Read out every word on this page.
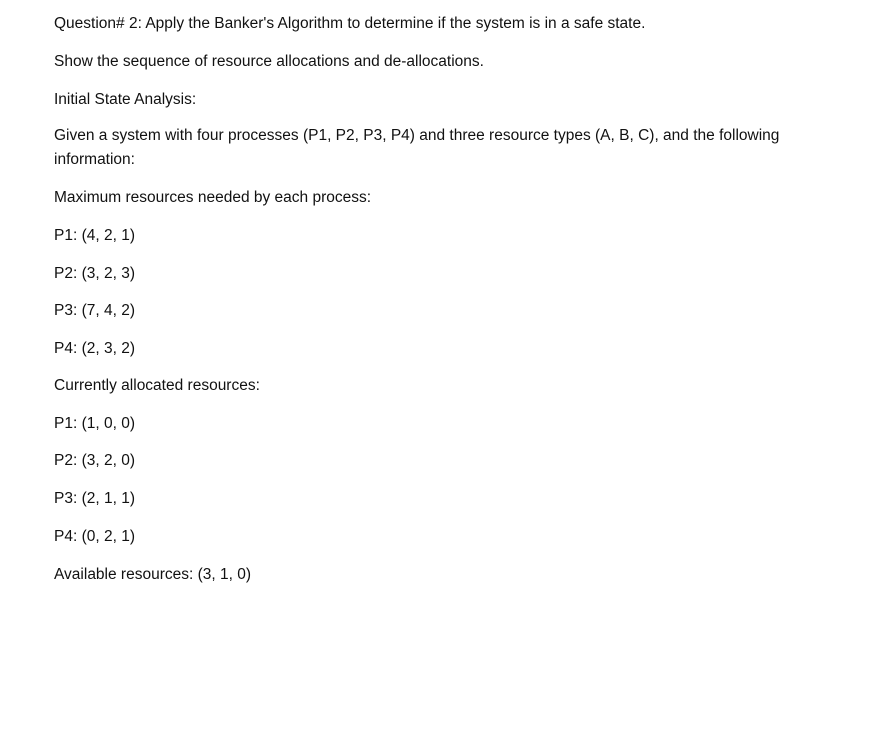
Question# 2: Apply the Banker's Algorithm to determine if the system is in a safe state.
Show the sequence of resource allocations and de-allocations.
Initial State Analysis:
Given a system with four processes (P1, P2, P3, P4) and three resource types (A, B, C), and the following information:
Maximum resources needed by each process:
P1: (4, 2, 1)
P2: (3, 2, 3)
P3: (7, 4, 2)
P4: (2, 3, 2)
Currently allocated resources:
P1: (1, 0, 0)
P2: (3, 2, 0)
P3: (2, 1, 1)
P4: (0, 2, 1)
Available resources: (3, 1, 0)
